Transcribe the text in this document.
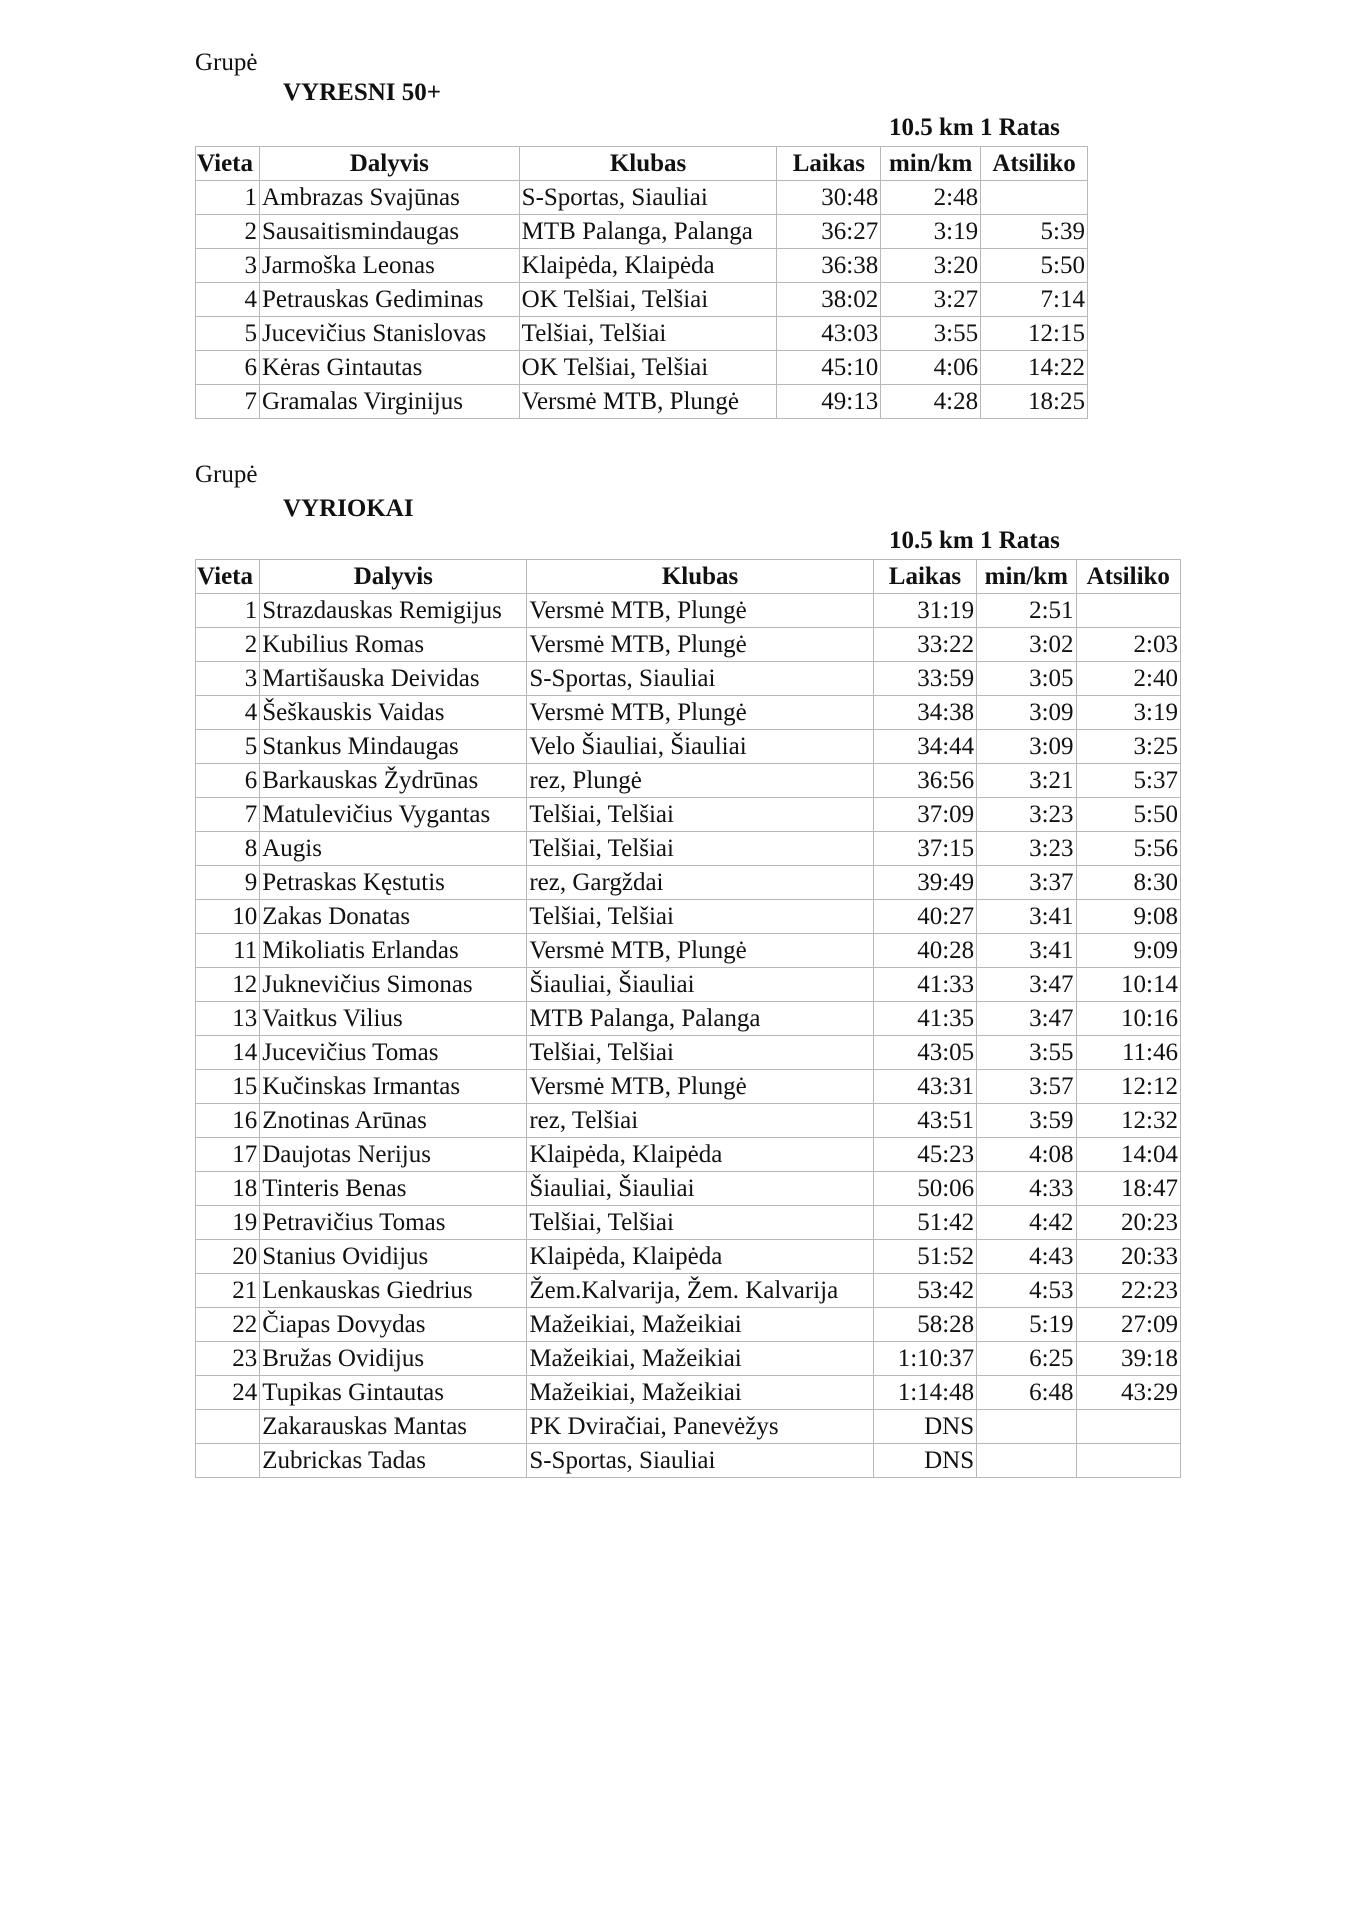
Grupė
VYRESNI 50+
10.5 km 1 Ratas
Vieta	Dalyvis	Klubas	Laikas	min/km	Atsiliko
1	Ambrazas Svajūnas	S-Sportas, Siauliai	30:48	2:48	
2	Sausaitismindaugas	MTB Palanga, Palanga	36:27	3:19	5:39
3	Jarmoška Leonas	Klaipėda, Klaipėda	36:38	3:20	5:50
4	Petrauskas Gediminas	OK Telšiai, Telšiai	38:02	3:27	7:14
5	Jucevičius Stanislovas	Telšiai, Telšiai	43:03	3:55	12:15
6	Kėras Gintautas	OK Telšiai, Telšiai	45:10	4:06	14:22
7	Gramalas Virginijus	Versmė MTB, Plungė	49:13	4:28	18:25
Grupė
VYRIOKAI
10.5 km 1 Ratas
Vieta	Dalyvis	Klubas	Laikas	min/km	Atsiliko
1	Strazdauskas Remigijus	Versmė MTB, Plungė	31:19	2:51	
2	Kubilius Romas	Versmė MTB, Plungė	33:22	3:02	2:03
3	Martišauska Deividas	S-Sportas, Siauliai	33:59	3:05	2:40
4	Šeškauskis Vaidas	Versmė MTB, Plungė	34:38	3:09	3:19
5	Stankus Mindaugas	Velo Šiauliai, Šiauliai	34:44	3:09	3:25
6	Barkauskas Žydrūnas	rez, Plungė	36:56	3:21	5:37
7	Matulevičius Vygantas	Telšiai, Telšiai	37:09	3:23	5:50
8	Augis	Telšiai, Telšiai	37:15	3:23	5:56
9	Petraskas Kęstutis	rez, Gargždai	39:49	3:37	8:30
10	Zakas Donatas	Telšiai, Telšiai	40:27	3:41	9:08
11	Mikoliatis Erlandas	Versmė MTB, Plungė	40:28	3:41	9:09
12	Juknevičius Simonas	Šiauliai, Šiauliai	41:33	3:47	10:14
13	Vaitkus Vilius	MTB Palanga, Palanga	41:35	3:47	10:16
14	Jucevičius Tomas	Telšiai, Telšiai	43:05	3:55	11:46
15	Kučinskas Irmantas	Versmė MTB, Plungė	43:31	3:57	12:12
16	Znotinas Arūnas	rez, Telšiai	43:51	3:59	12:32
17	Daujotas Nerijus	Klaipėda, Klaipėda	45:23	4:08	14:04
18	Tinteris Benas	Šiauliai, Šiauliai	50:06	4:33	18:47
19	Petravičius Tomas	Telšiai, Telšiai	51:42	4:42	20:23
20	Stanius Ovidijus	Klaipėda, Klaipėda	51:52	4:43	20:33
21	Lenkauskas Giedrius	Žem.Kalvarija, Žem. Kalvarija	53:42	4:53	22:23
22	Čiapas Dovydas	Mažeikiai, Mažeikiai	58:28	5:19	27:09
23	Bružas Ovidijus	Mažeikiai, Mažeikiai	1:10:37	6:25	39:18
24	Tupikas Gintautas	Mažeikiai, Mažeikiai	1:14:48	6:48	43:29
	Zakarauskas Mantas	PK Dviračiai, Panevėžys	DNS		
	Zubrickas Tadas	S-Sportas, Siauliai	DNS		
